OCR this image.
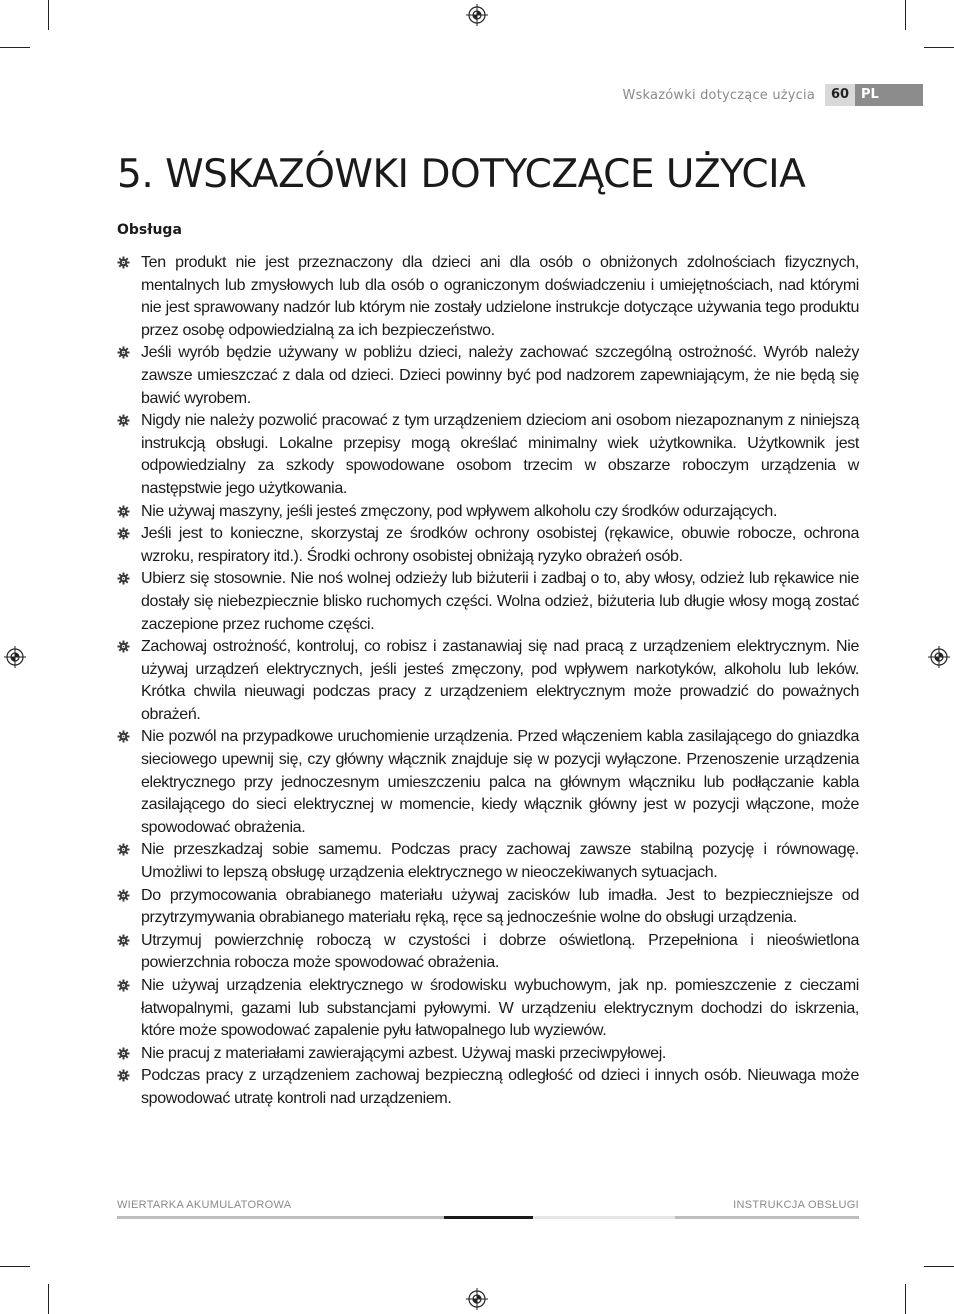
Wskazówki dotyczące użycia	60 PL
5. WSKAZÓWKI DOTYCZĄCE UŻYCIA
Obsługa
Ten produkt nie jest przeznaczony dla dzieci ani dla osób o obniżonych zdolnościach fizycznych, mentalnych lub zmysłowych lub dla osób o ograniczonym doświadczeniu i umiejętnościach, nad którymi nie jest sprawowany nadzór lub którym nie zostały udzielone instrukcje dotyczące używania tego produktu przez osobę odpowiedzialną za ich bezpieczeństwo.
Jeśli wyrób będzie używany w pobliżu dzieci, należy zachować szczególną ostrożność. Wyrób należy zawsze umieszczać z dala od dzieci. Dzieci powinny być pod nadzorem zapewniającym, że nie będą się bawić wyrobem.
Nigdy nie należy pozwolić pracować z tym urządzeniem dzieciom ani osobom niezapoznanym z niniejszą instrukcją obsługi. Lokalne przepisy mogą określać minimalny wiek użytkownika. Użytkownik jest odpowiedzialny za szkody spowodowane osobom trzecim w obszarze roboczym urządzenia w następstwie jego użytkowania.
Nie używaj maszyny, jeśli jesteś zmęczony, pod wpływem alkoholu czy środków odurzających.
Jeśli jest to konieczne, skorzystaj ze środków ochrony osobistej (rękawice, obuwie robocze, ochrona wzroku, respiratory itd.). Środki ochrony osobistej obniżają ryzyko obrażeń osób.
Ubierz się stosownie. Nie noś wolnej odzieży lub biżuterii i zadbaj o to, aby włosy, odzież lub rękawice nie dostały się niebezpiecznie blisko ruchomych części. Wolna odzież, biżuteria lub długie włosy mogą zostać zaczepione przez ruchome części.
Zachowaj ostrożność, kontroluj, co robisz i zastanawiaj się nad pracą z urządzeniem elektrycznym. Nie używaj urządzeń elektrycznych, jeśli jesteś zmęczony, pod wpływem narkotyków, alkoholu lub leków. Krótka chwila nieuwagi podczas pracy z urządzeniem elektrycznym może prowadzić do poważnych obrażeń.
Nie pozwól na przypadkowe uruchomienie urządzenia. Przed włączeniem kabla zasilającego do gniazdka sieciowego upewnij się, czy główny włącznik znajduje się w pozycji wyłączone. Przenoszenie urządzenia elektrycznego przy jednoczesnym umieszczeniu palca na głównym włączniku lub podłączanie kabla zasilającego do sieci elektrycznej w momencie, kiedy włącznik główny jest w pozycji włączone, może spowodować obrażenia.
Nie przeszkadzaj sobie samemu. Podczas pracy zachowaj zawsze stabilną pozycję i równowagę. Umożliwi to lepszą obsługę urządzenia elektrycznego w nieoczekiwanych sytuacjach.
Do przymocowania obrabianego materiału używaj zacisków lub imadła. Jest to bezpieczniejsze od przytrzymywania obrabianego materiału ręką, ręce są jednocześnie wolne do obsługi urządzenia.
Utrzymuj powierzchnię roboczą w czystości i dobrze oświetloną. Przepełniona i nieoświetlona powierzchnia robocza może spowodować obrażenia.
Nie używaj urządzenia elektrycznego w środowisku wybuchowym, jak np. pomieszczenie z cieczami łatwopalnymi, gazami lub substancjami pyłowymi. W urządzeniu elektrycznym dochodzi do iskrzenia, które może spowodować zapalenie pyłu łatwopalnego lub wyziewów.
Nie pracuj z materiałami zawierającymi azbest. Używaj maski przeciwpyłowej.
Podczas pracy z urządzeniem zachowaj bezpieczną odległość od dzieci i innych osób. Nieuwaga może spowodować utratę kontroli nad urządzeniem.
WIERTARKA AKUMULATOROWA	INSTRUKCJA OBSŁUGI
